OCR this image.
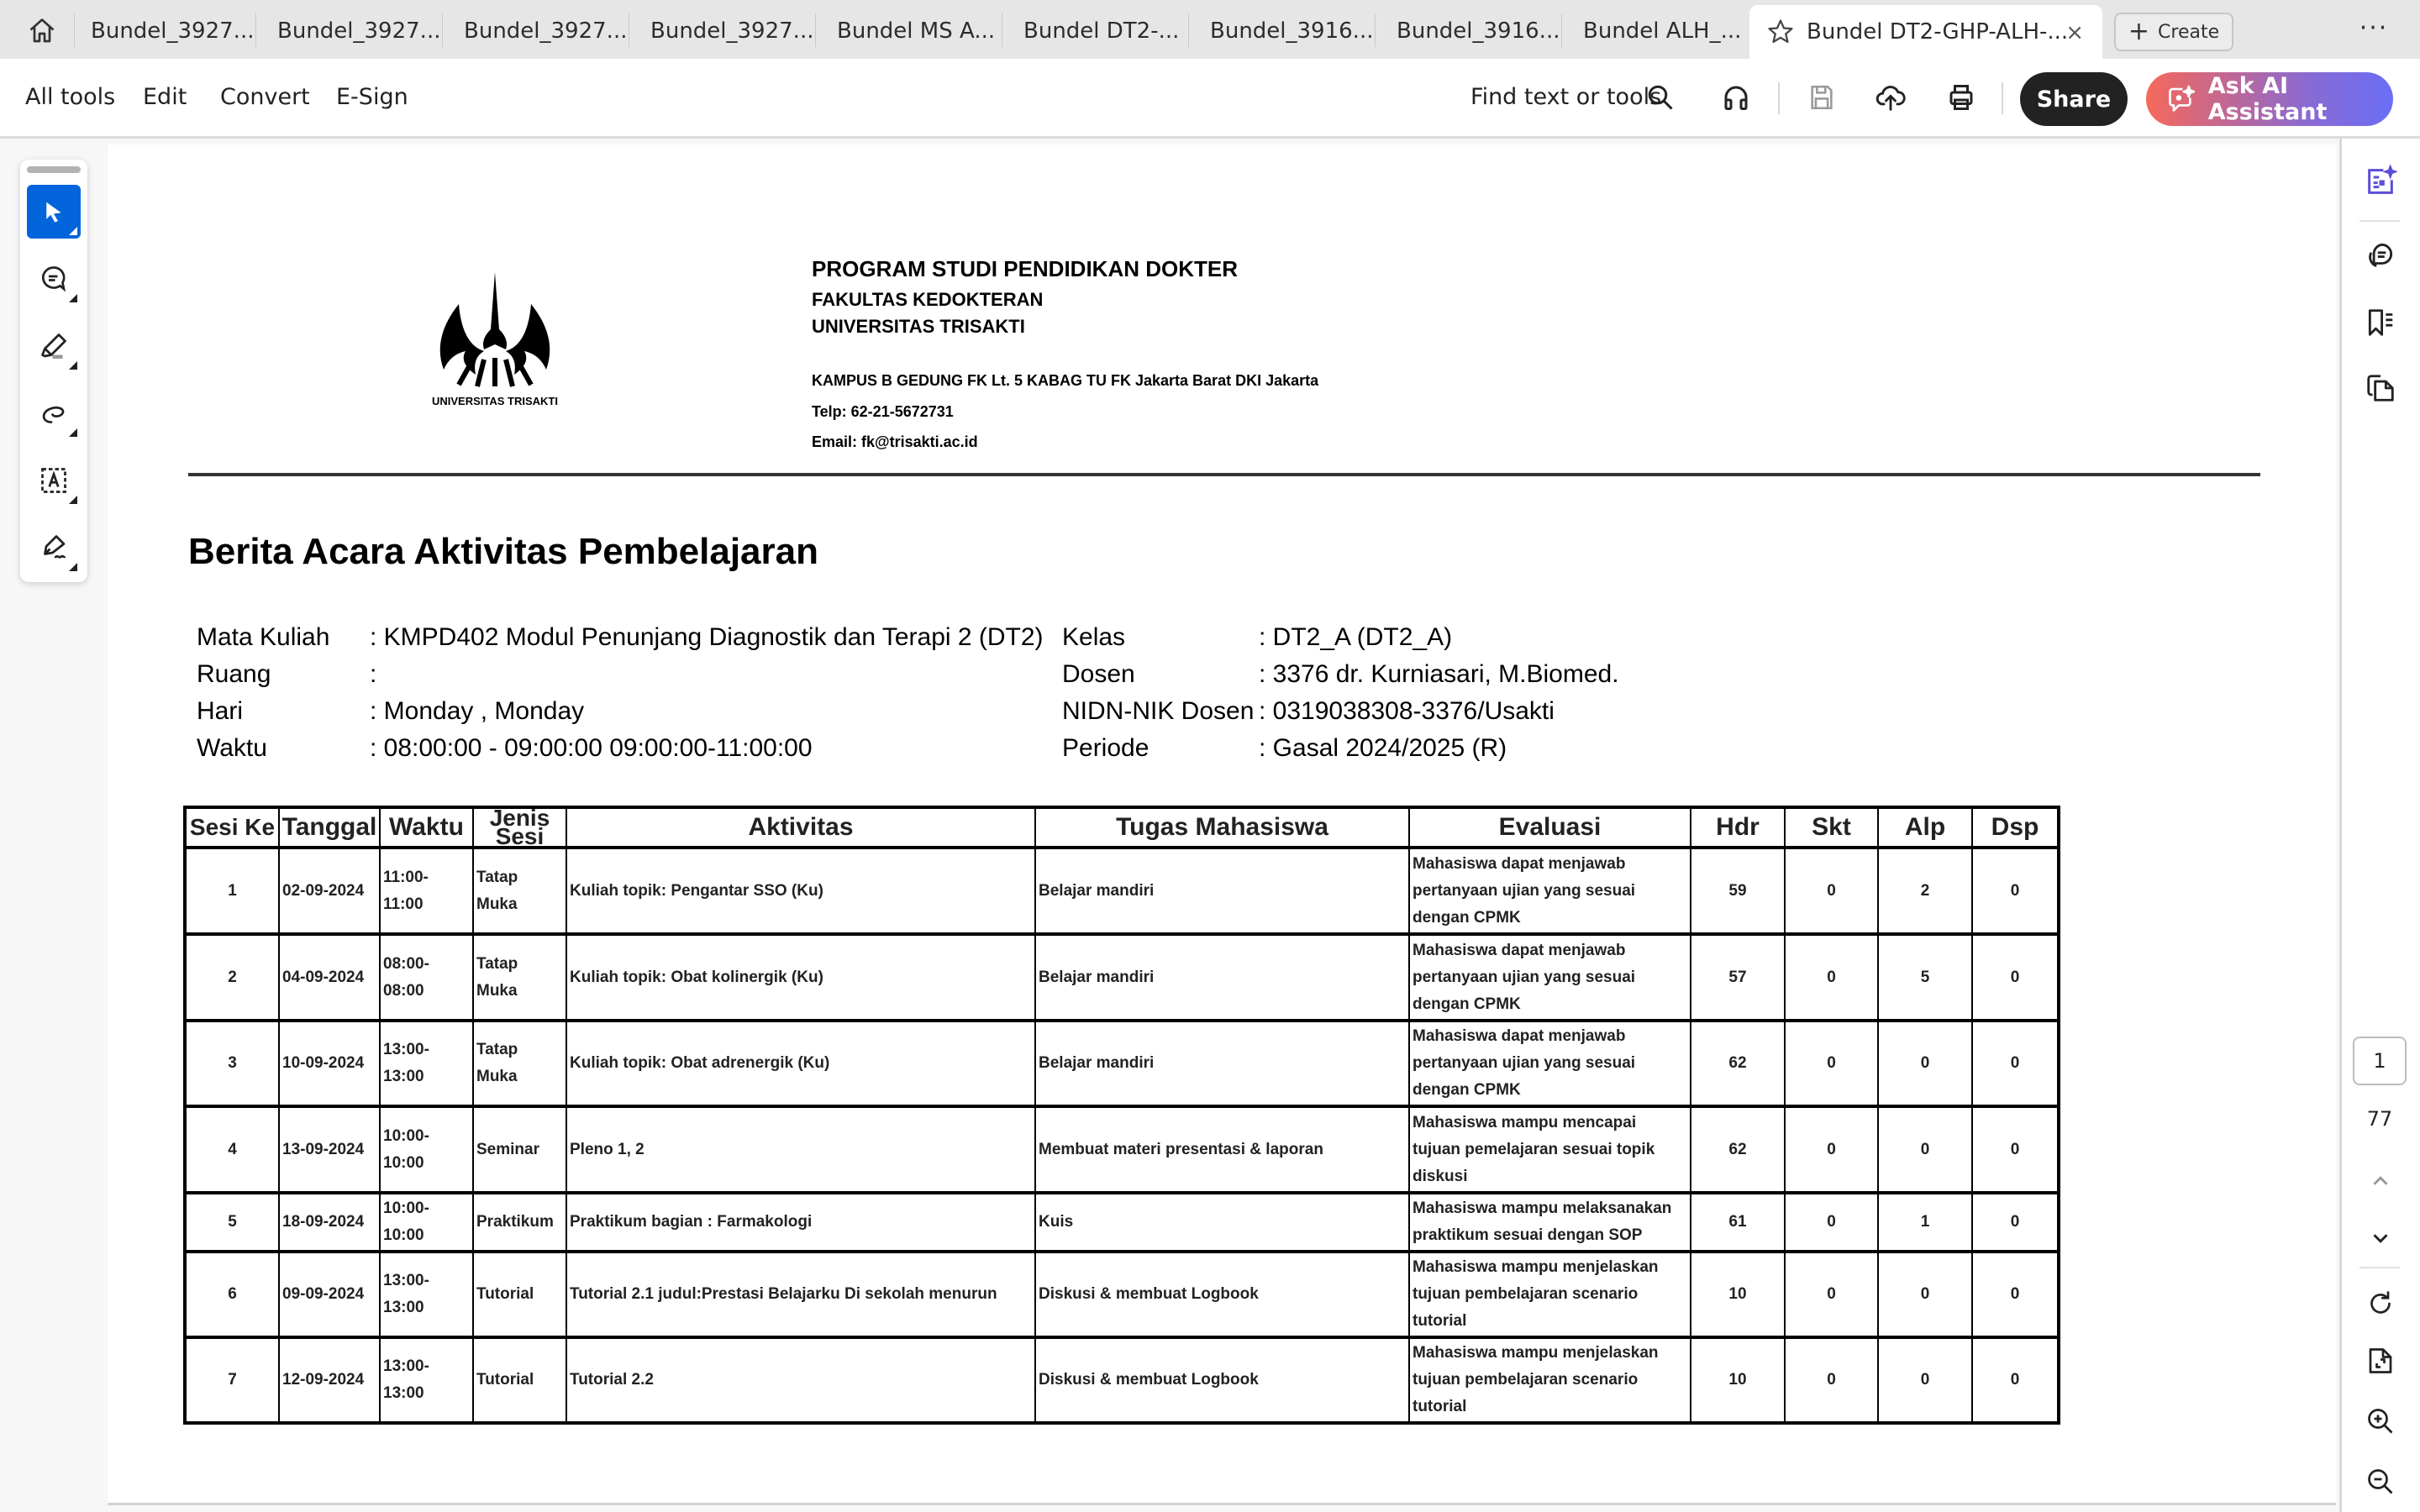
Bundel_3927... Bundel_3927... Bundel_3927... Bundel_3927... Bundel MS A... Bundel DT2-... Bundel_3916... Bundel_3916... Bundel ALH_...	Bundel DT2-GHP-ALH-...
× + Create	···
All tools Edit Convert E-Sign	Find text or tools	Share	Ask AI Assistant
UNIVERSITAS TRISAKTI
PROGRAM STUDI PENDIDIKAN DOKTER
FAKULTAS KEDOKTERAN
UNIVERSITAS TRISAKTI
KAMPUS B GEDUNG FK Lt. 5 KABAG TU FK Jakarta Barat DKI Jakarta
Telp: 62-21-5672731
Email: fk@trisakti.ac.id
Berita Acara Aktivitas Pembelajaran
Mata Kuliah : KMPD402 Modul Penunjang Diagnostik dan Terapi 2 (DT2)
Ruang	:
Hari	: Monday , Monday
Waktu	: 08:00:00 - 09:00:00 09:00:00-11:00:00
Kelas	: DT2_A (DT2_A)
Dosen	: 3376 dr. Kurniasari, M.Biomed.
NIDN-NIK Dosen : 0319038308-3376/Usakti
Periode	: Gasal 2024/2025 (R)
Sesi Ke	Tanggal	Waktu	Jenis Sesi	Aktivitas	Tugas Mahasiswa	Evaluasi	Hdr	Skt	Alp	Dsp
1	02-09-2024	11:00- 11:00	Tatap Muka	Kuliah topik: Pengantar SSO (Ku)	Belajar mandiri	Mahasiswa dapat menjawab pertanyaan ujian yang sesuai dengan CPMK	59	0	2	0
2	04-09-2024	08:00- 08:00	Tatap Muka	Kuliah topik: Obat kolinergik (Ku)	Belajar mandiri	Mahasiswa dapat menjawab pertanyaan ujian yang sesuai dengan CPMK	57	0	5	0
3	10-09-2024	13:00- 13:00	Tatap Muka	Kuliah topik: Obat adrenergik (Ku)	Belajar mandiri	Mahasiswa dapat menjawab pertanyaan ujian yang sesuai dengan CPMK	62	0	0	0
4	13-09-2024	10:00- 10:00	Seminar	Pleno 1, 2	Membuat materi presentasi & laporan	Mahasiswa mampu mencapai tujuan pemelajaran sesuai topik diskusi	62	0	0	0
5	18-09-2024	10:00- 10:00	Praktikum	Praktikum bagian : Farmakologi	Kuis	Mahasiswa mampu melaksanakan praktikum sesuai dengan SOP	61	0	1	0
6	09-09-2024	13:00- 13:00	Tutorial	Tutorial 2.1 judul:Prestasi Belajarku Di sekolah menurun	Diskusi & membuat Logbook	Mahasiswa mampu menjelaskan tujuan pembelajaran scenario tutorial	10	0	0	0
7	12-09-2024	13:00- 13:00	Tutorial	Tutorial 2.2	Diskusi & membuat Logbook	Mahasiswa mampu menjelaskan tujuan pembelajaran scenario tutorial	10	0	0	0
1
77
